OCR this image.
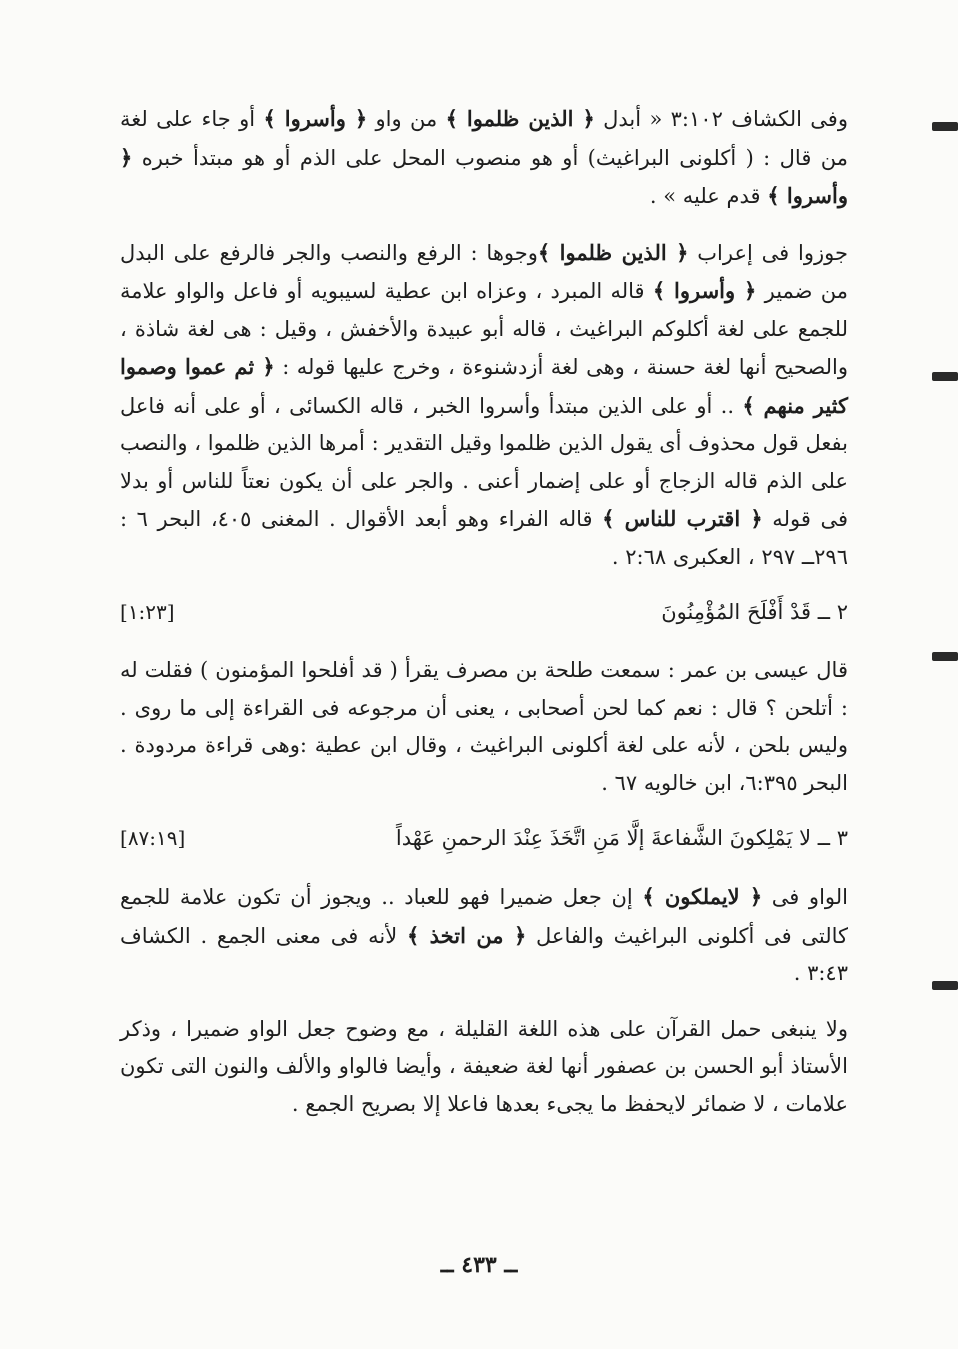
وفى الكشاف ٣:١٠٢ « أبدل ﴿ الذين ظلموا ﴾ من واو ﴿ وأسروا ﴾ أو جاء على لغة من قال : ( أكلونى البراغيث) أو هو منصوب المحل على الذم أو هو مبتدأ خبره ﴿ وأسروا ﴾ قدم عليه » .

جوزوا فى إعراب ﴿ الذين ظلموا ﴾وجوها : الرفع والنصب والجر فالرفع على البدل من ضمير ﴿ وأسروا ﴾ قاله المبرد ، وعزاه ابن عطية لسيبويه أو فاعل والواو علامة للجمع على لغة أكلوكم البراغيث ، قاله أبو عبيدة والأخفش ، وقيل : هى لغة شاذة ، والصحيح أنها لغة حسنة ، وهى لغة أزدشنوءة ، وخرج عليها قوله : ﴿ ثم عموا وصموا كثير منهم ﴾ .. أو على الذين مبتدأ وأسروا الخبر ، قاله الكسائى ، أو على أنه فاعل بفعل قول محذوف أى يقول الذين ظلموا وقيل التقدير : أمرها الذين ظلموا ، والنصب على الذم قاله الزجاج أو على إضمار أعنى . والجر على أن يكون نعتاً للناس أو بدلا فى قوله ﴿ اقترب للناس ﴾ قاله الفراء وهو أبعد الأقوال . المغنى ٤٠٥، البحر ٦ : ٢٩٦ــ ٢٩٧ ، العكبرى ٢:٦٨ .

٢ ــ قَدْ أَفْلَحَ المُؤْمِنُونَ
[١:٢٣]

قال عيسى بن عمر : سمعت طلحة بن مصرف يقرأ ( قد أفلحوا المؤمنون ) فقلت له : أتلحن ؟ قال : نعم كما لحن أصحابى ، يعنى أن مرجوعه فى القراءة إلى ما روى . وليس بلحن ، لأنه على لغة أكلونى البراغيث ، وقال ابن عطية :وهى قراءة مردودة . البحر ٦:٣٩٥، ابن خالويه ٦٧ .

٣ ــ لا يَمْلِكونَ الشَّفاعةَ إلَّا مَنِ اتَّخَذَ عِنْدَ الرحمنِ عَهْداً
[٨٧:١٩]

الواو فى ﴿ لايملكون ﴾ إن جعل ضميرا فهو للعباد .. ويجوز أن تكون علامة للجمع كالتى فى أكلونى البراغيث والفاعل ﴿ من اتخذ ﴾ لأنه فى معنى الجمع . الكشاف ٣:٤٣ .

ولا ينبغى حمل القرآن على هذه اللغة القليلة ، مع وضوح جعل الواو ضميرا ، وذكر الأستاذ أبو الحسن بن عصفور أنها لغة ضعيفة ، وأيضا فالواو والألف والنون التى تكون علامات ، لا ضمائر لايحفظ ما يجىء بعدها فاعلا إلا بصريح الجمع .

ــ ٤٣٣ ــ
